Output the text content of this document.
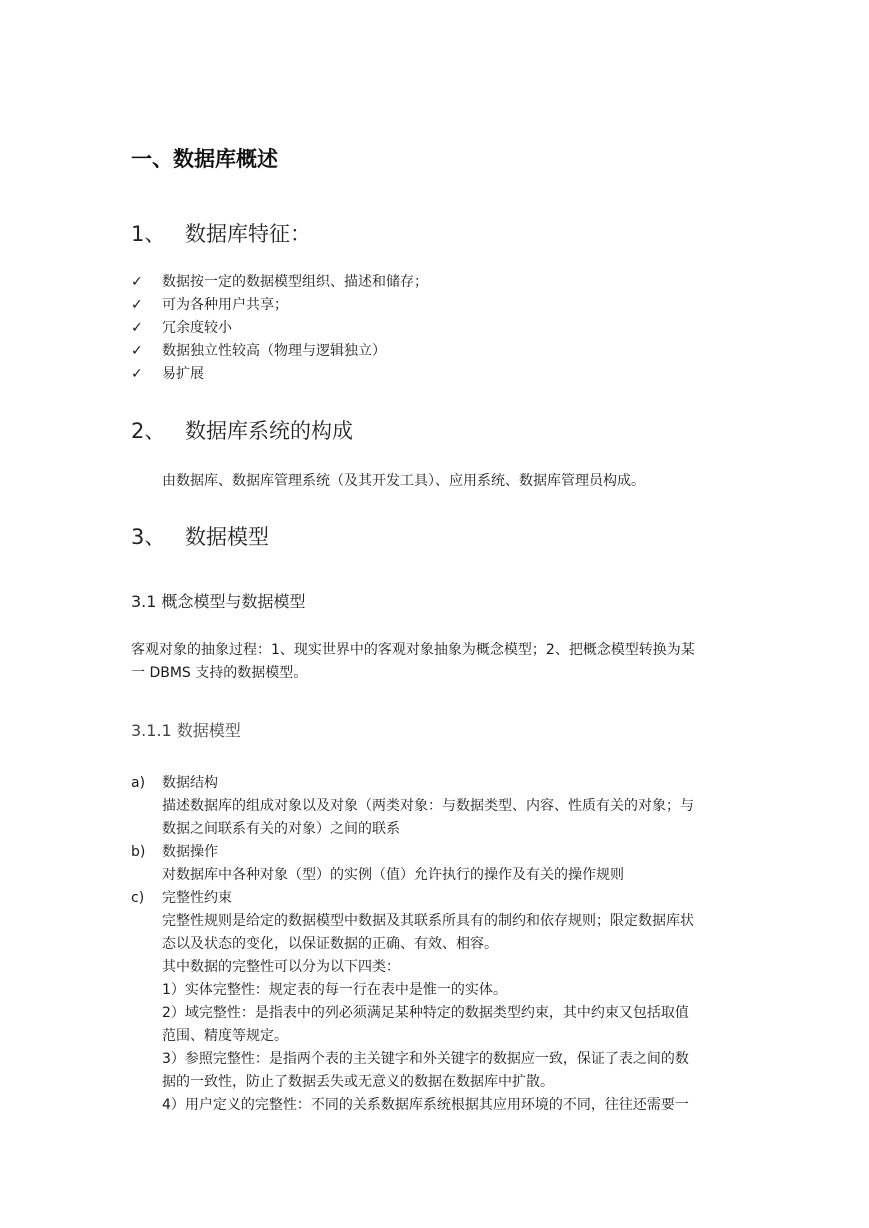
一、数据库概述
1、 数据库特征：
✓ 数据按一定的数据模型组织、描述和储存；
✓ 可为各种用户共享；
✓ 冗余度较小
✓ 数据独立性较高（物理与逻辑独立）
✓ 易扩展
2、 数据库系统的构成
由数据库、数据库管理系统（及其开发工具）、应用系统、数据库管理员构成。
3、 数据模型
3.1 概念模型与数据模型
客观对象的抽象过程：1、现实世界中的客观对象抽象为概念模型；2、把概念模型转换为某
一 DBMS 支持的数据模型。
3.1.1 数据模型
a) 数据结构
描述数据库的组成对象以及对象（两类对象：与数据类型、内容、性质有关的对象；与
数据之间联系有关的对象）之间的联系
b) 数据操作
对数据库中各种对象（型）的实例（值）允许执行的操作及有关的操作规则
c) 完整性约束
完整性规则是给定的数据模型中数据及其联系所具有的制约和依存规则；限定数据库状
态以及状态的变化，以保证数据的正确、有效、相容。
其中数据的完整性可以分为以下四类：
1）实体完整性：规定表的每一行在表中是惟一的实体。
2）域完整性：是指表中的列必须满足某种特定的数据类型约束，其中约束又包括取值
范围、精度等规定。
3）参照完整性：是指两个表的主关键字和外关键字的数据应一致，保证了表之间的数
据的一致性，防止了数据丢失或无意义的数据在数据库中扩散。
4）用户定义的完整性：不同的关系数据库系统根据其应用环境的不同，往往还需要一
